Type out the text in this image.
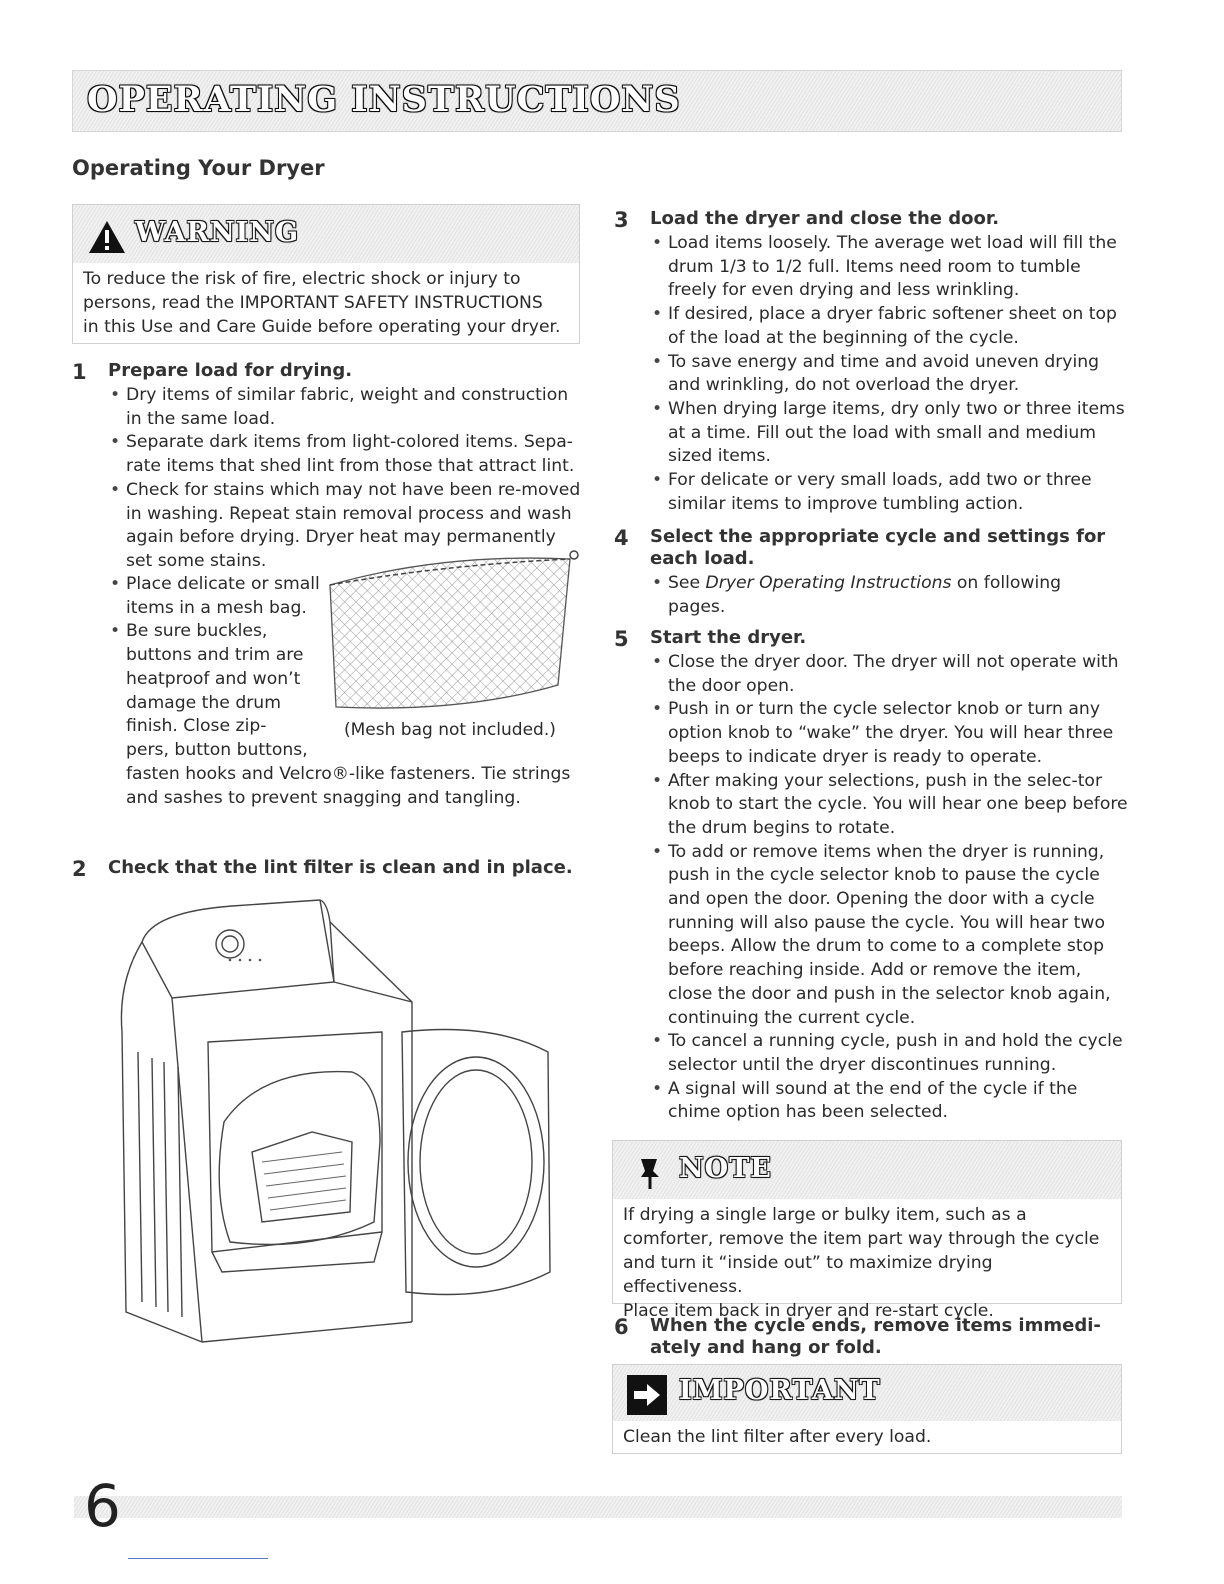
OPERATING INSTRUCTIONS
Operating Your Dryer
WARNING
To reduce the risk of fire, electric shock or injury to
persons, read the IMPORTANT SAFETY INSTRUCTIONS
in this Use and Care Guide before operating your dryer.
1	Prepare load for drying.
• Dry items of similar fabric, weight and construction in the same load.
• Separate dark items from light-colored items. Sepa-rate items that shed lint from those that attract lint.
• Check for stains which may not have been re-moved in washing. Repeat stain removal process and wash again before drying. Dryer heat may permanently set some stains.
• Place delicate or small
items in a mesh bag.
• Be sure buckles,
buttons and trim are
heatproof and won’t
damage the drum
finish. Close zip-
pers, button buttons,
fasten hooks and Velcro®-like fasteners. Tie strings
and sashes to prevent snagging and tangling.
(Mesh bag not included.)
2	Check that the lint filter is clean and in place.
3	Load the dryer and close the door.
• Load items loosely. The average wet load will fill the drum 1/3 to 1/2 full. Items need room to tumble freely for even drying and less wrinkling.
• If desired, place a dryer fabric softener sheet on top of the load at the beginning of the cycle.
• To save energy and time and avoid uneven drying and wrinkling, do not overload the dryer.
• When drying large items, dry only two or three items at a time. Fill out the load with small and medium sized items.
• For delicate or very small loads, add two or three similar items to improve tumbling action.
4	Select the appropriate cycle and settings for each load.
• See Dryer Operating Instructions on following pages.
5	Start the dryer.
• Close the dryer door. The dryer will not operate with the door open.
• Push in or turn the cycle selector knob or turn any option knob to “wake” the dryer. You will hear three beeps to indicate dryer is ready to operate.
• After making your selections, push in the selec-tor knob to start the cycle. You will hear one beep before the drum begins to rotate.
• To add or remove items when the dryer is running, push in the cycle selector knob to pause the cycle and open the door. Opening the door with a cycle running will also pause the cycle. You will hear two beeps. Allow the drum to come to a complete stop before reaching inside. Add or remove the item, close the door and push in the selector knob again, continuing the current cycle.
• To cancel a running cycle, push in and hold the cycle selector until the dryer discontinues running.
• A signal will sound at the end of the cycle if the chime option has been selected.
NOTE
If drying a single large or bulky item, such as a
comforter, remove the item part way through the cycle
and turn it “inside out” to maximize drying effectiveness.
Place item back in dryer and re-start cycle.
6	When the cycle ends, remove items immedi-ately and hang or fold.
IMPORTANT
Clean the lint filter after every load.
6
